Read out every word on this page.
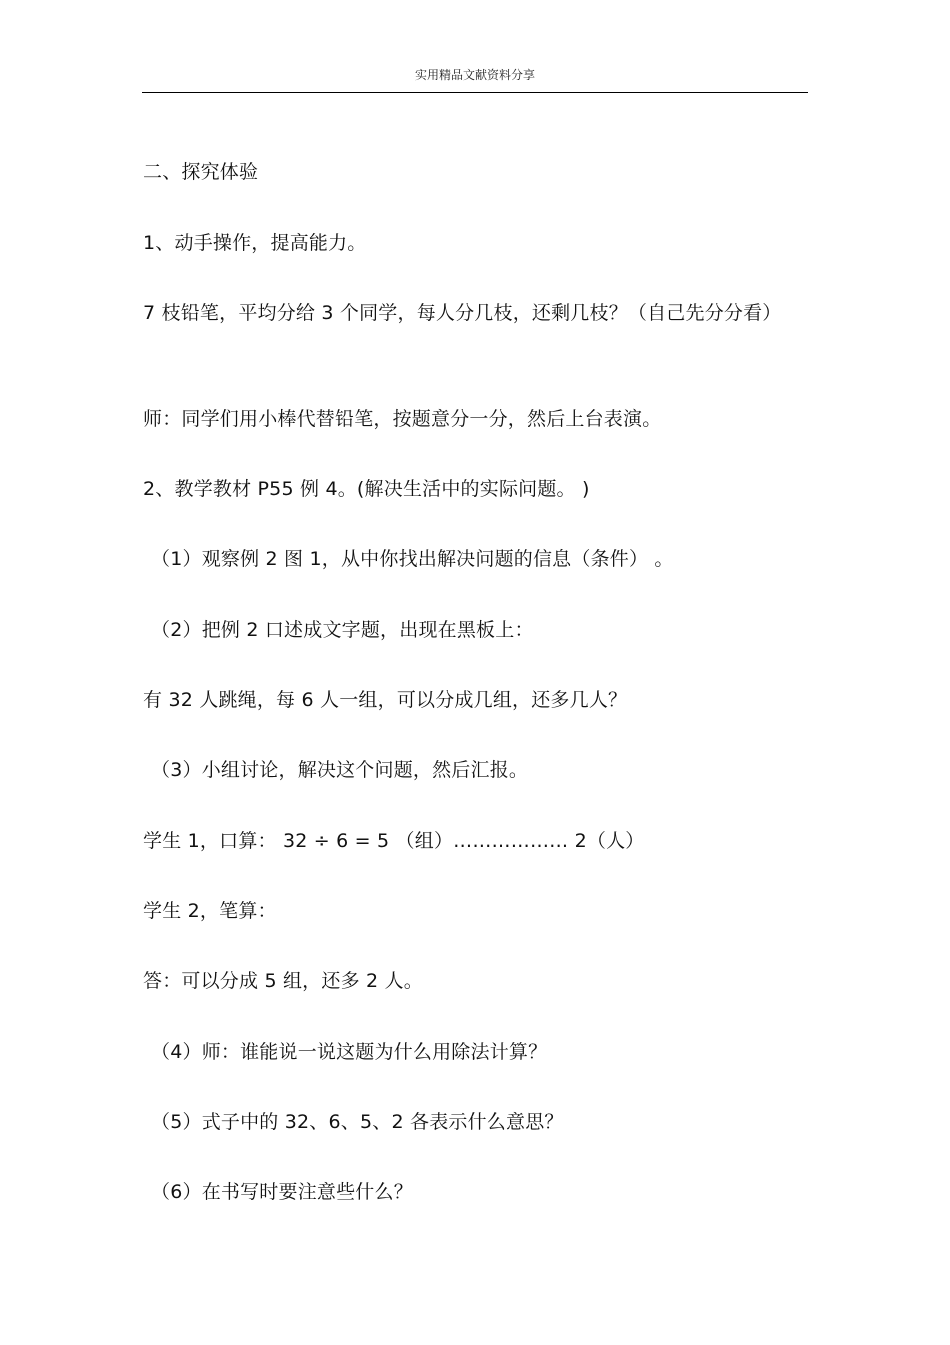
实用精品文献资料分享
二、探究体验
1、动手操作，提高能力。
7 枝铅笔，平均分给 3 个同学，每人分几枝，还剩几枝？（自己先分分看）
师：同学们用小棒代替铅笔，按题意分一分，然后上台表演。
2、教学教材 P55 例 4。(解决生活中的实际问题。 )
（1）观察例 2 图 1，从中你找出解决问题的信息（条件） 。
（2）把例 2 口述成文字题，出现在黑板上：
有 32 人跳绳，每 6 人一组，可以分成几组，还多几人？
（3）小组讨论，解决这个问题，然后汇报。
学生 1，口算： 32 ÷ 6 = 5 （组）……………… 2（人）
学生 2，笔算：
答：可以分成 5 组，还多 2 人。
（4）师：谁能说一说这题为什么用除法计算？
（5）式子中的 32、6、5、2 各表示什么意思？
（6）在书写时要注意些什么？
